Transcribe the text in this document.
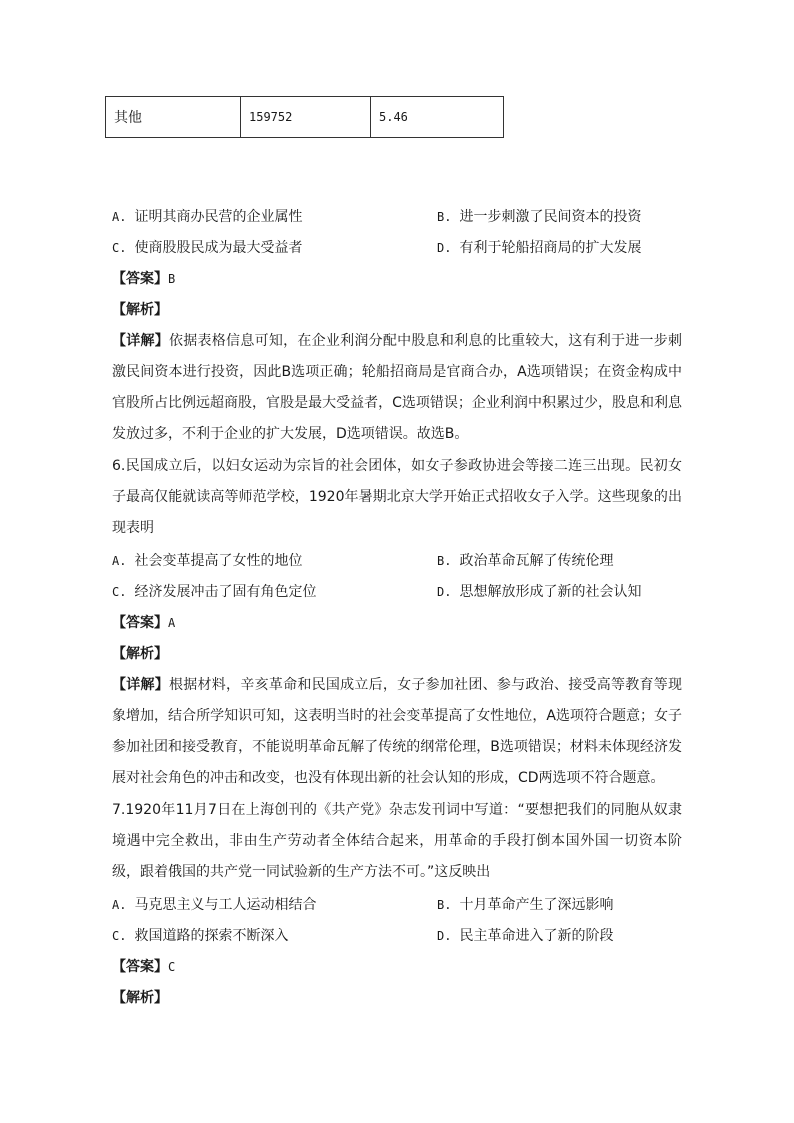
其他	159752	5.46
A. 证明其商办民营的企业属性	B. 进一步刺激了民间资本的投资
C. 使商股股民成为最大受益者	D. 有利于轮船招商局的扩大发展
【答案】B
【解析】
【详解】依据表格信息可知，在企业利润分配中股息和利息的比重较大，这有利于进一步刺激民间资本进行投资，因此B选项正确；轮船招商局是官商合办，A选项错误；在资金构成中官股所占比例远超商股，官股是最大受益者，C选项错误；企业利润中积累过少，股息和利息发放过多，不利于企业的扩大发展，D选项错误。故选B。
6.民国成立后，以妇女运动为宗旨的社会团体，如女子参政协进会等接二连三出现。民初女子最高仅能就读高等师范学校，1920年暑期北京大学开始正式招收女子入学。这些现象的出现表明
A. 社会变革提高了女性的地位	B. 政治革命瓦解了传统伦理
C. 经济发展冲击了固有角色定位	D. 思想解放形成了新的社会认知
【答案】A
【解析】
【详解】根据材料，辛亥革命和民国成立后，女子参加社团、参与政治、接受高等教育等现象增加，结合所学知识可知，这表明当时的社会变革提高了女性地位，A选项符合题意；女子参加社团和接受教育，不能说明革命瓦解了传统的纲常伦理，B选项错误；材料未体现经济发展对社会角色的冲击和改变，也没有体现出新的社会认知的形成，CD两选项不符合题意。
7.1920年11月7日在上海创刊的《共产党》杂志发刊词中写道：“要想把我们的同胞从奴隶境遇中完全救出，非由生产劳动者全体结合起来，用革命的手段打倒本国外国一切资本阶级，跟着俄国的共产党一同试验新的生产方法不可。”这反映出
A. 马克思主义与工人运动相结合	B. 十月革命产生了深远影响
C. 救国道路的探索不断深入	D. 民主革命进入了新的阶段
【答案】C
【解析】
